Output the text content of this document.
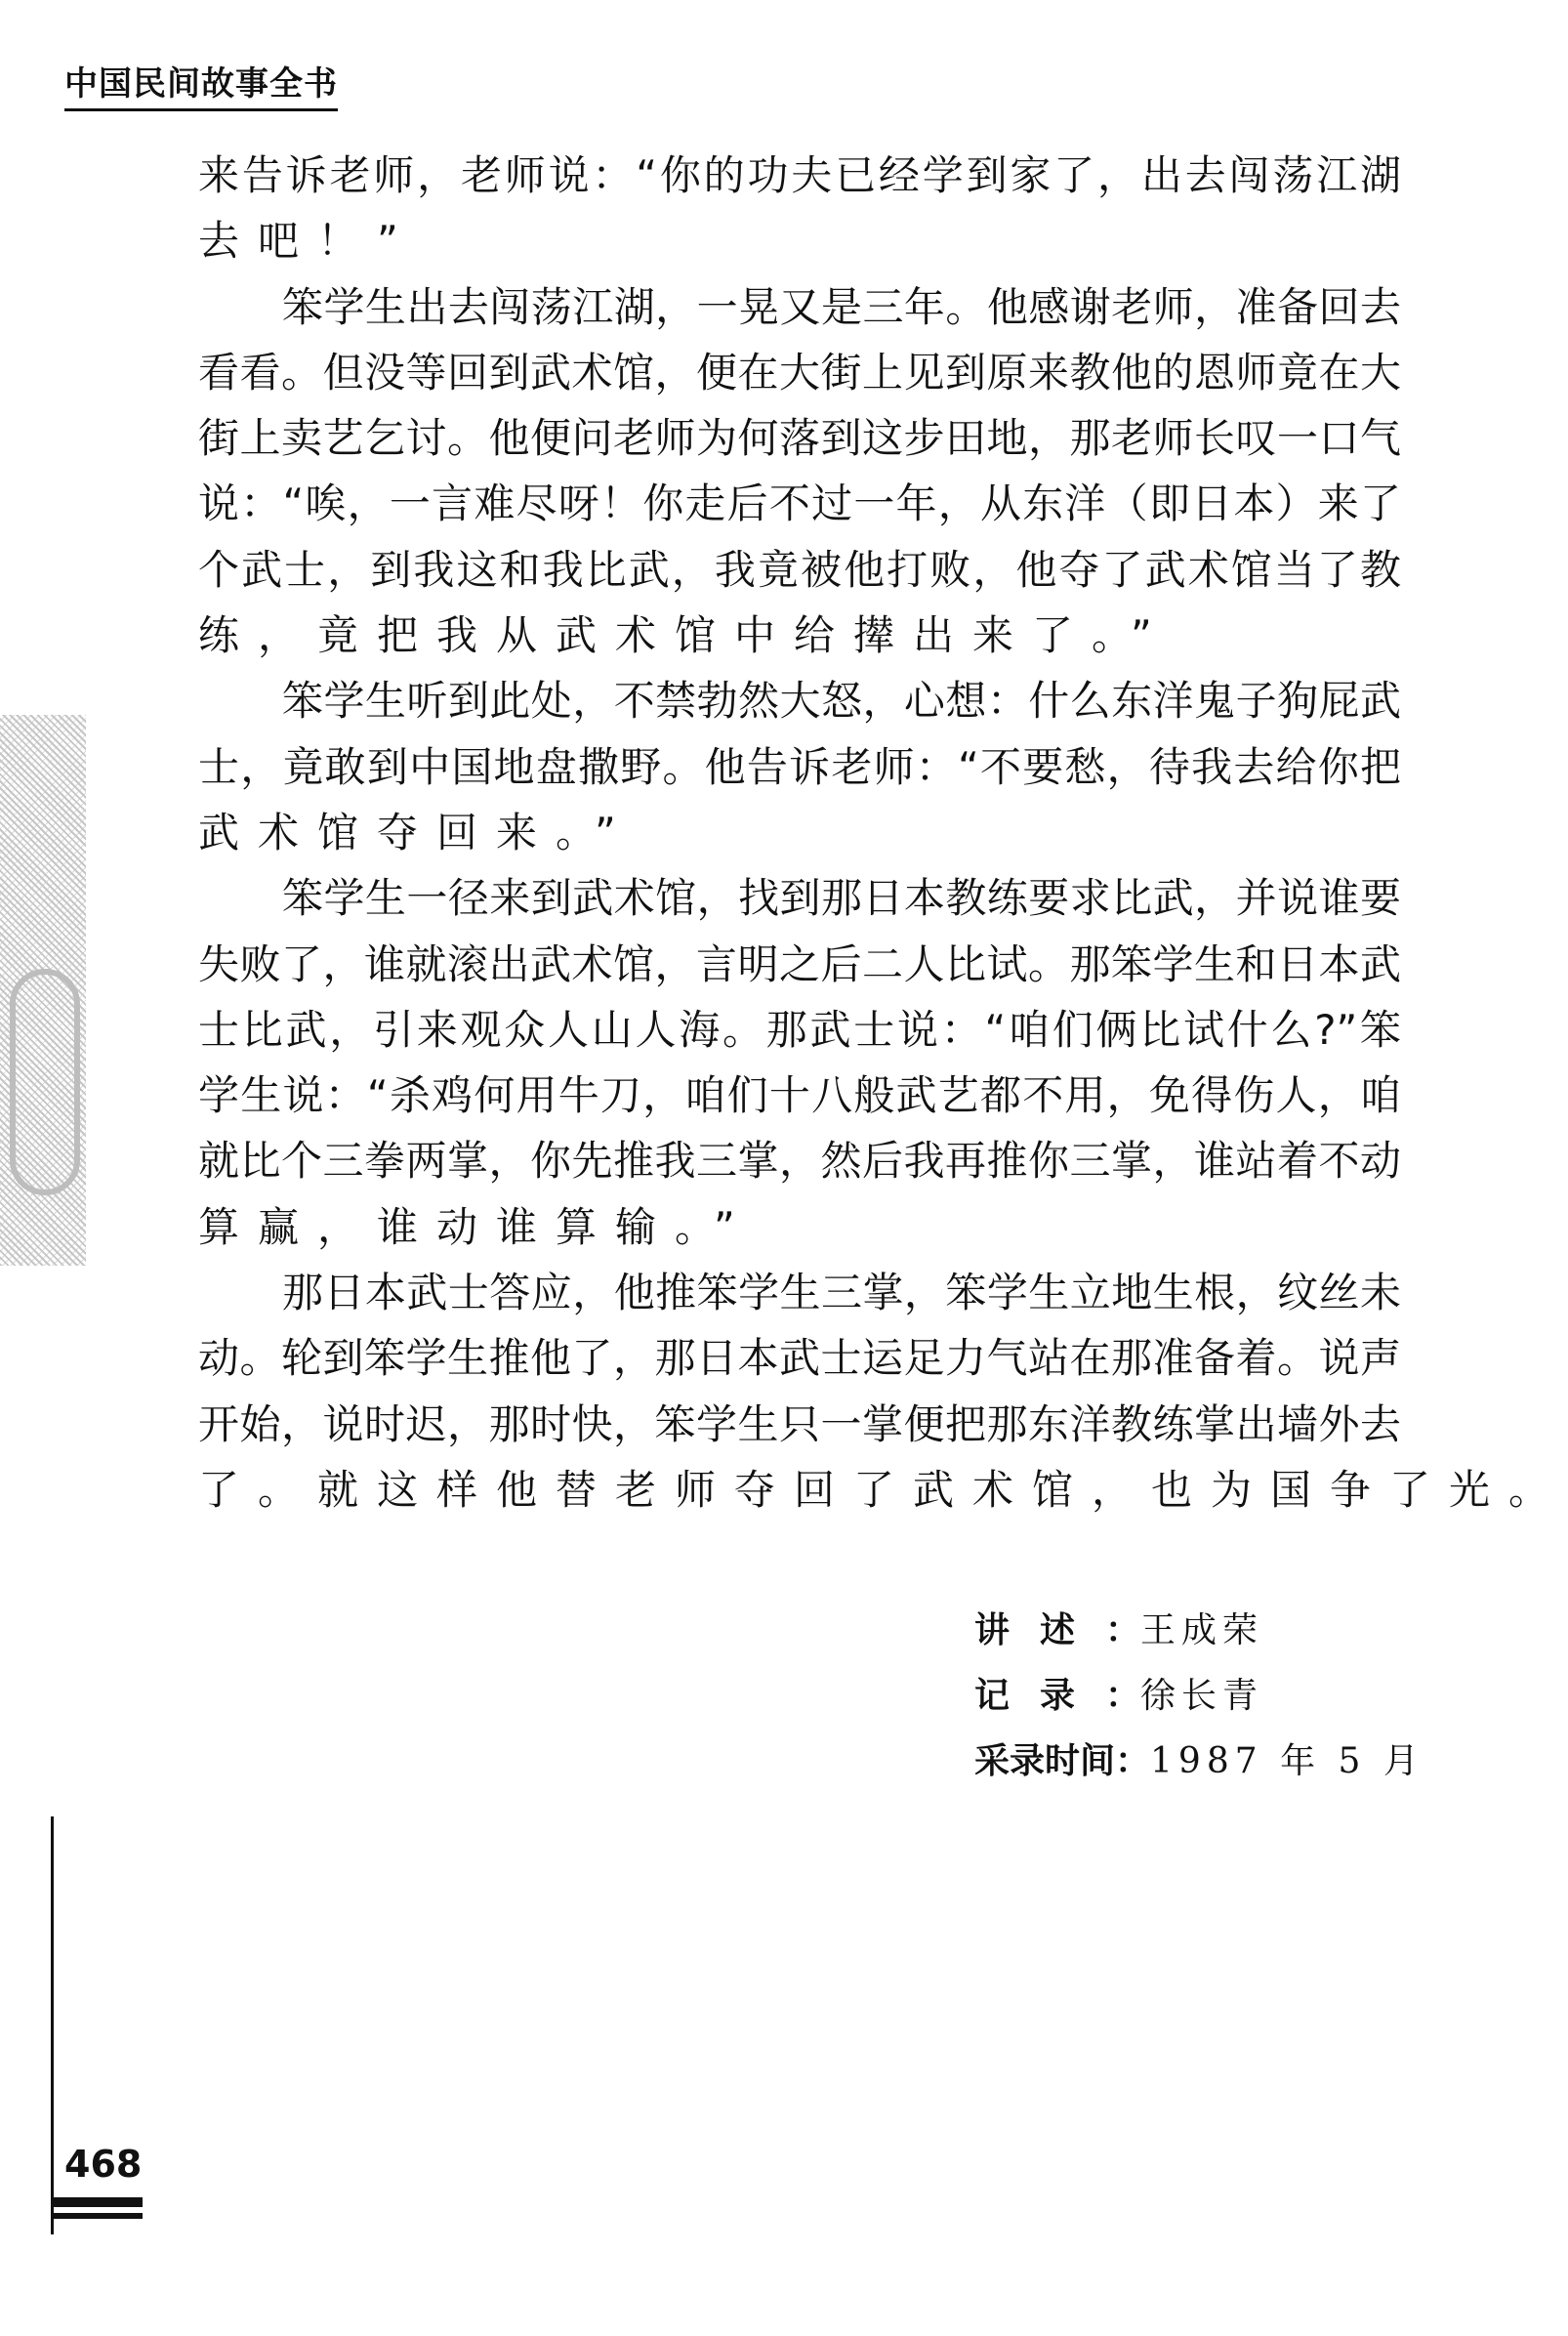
中国民间故事全书
来告诉老师，老师说：“你的功夫已经学到家了，出去闯荡江湖
去吧！”
笨学生出去闯荡江湖，一晃又是三年。他感谢老师，准备回去
看看。但没等回到武术馆，便在大街上见到原来教他的恩师竟在大
街上卖艺乞讨。他便问老师为何落到这步田地，那老师长叹一口气
说：“唉，一言难尽呀！你走后不过一年，从东洋（即日本）来了
个武士，到我这和我比武，我竟被他打败，他夺了武术馆当了教
练，竟把我从武术馆中给撵出来了。”
笨学生听到此处，不禁勃然大怒，心想：什么东洋鬼子狗屁武
士，竟敢到中国地盘撒野。他告诉老师：“不要愁，待我去给你把
武术馆夺回来。”
笨学生一径来到武术馆，找到那日本教练要求比武，并说谁要
失败了，谁就滚出武术馆，言明之后二人比试。那笨学生和日本武
士比武，引来观众人山人海。那武士说：“咱们俩比试什么?”笨
学生说：“杀鸡何用牛刀，咱们十八般武艺都不用，免得伤人，咱
就比个三拳两掌，你先推我三掌，然后我再推你三掌，谁站着不动
算赢，谁动谁算输。”
那日本武士答应，他推笨学生三掌，笨学生立地生根，纹丝未
动。轮到笨学生推他了，那日本武士运足力气站在那准备着。说声
开始，说时迟，那时快，笨学生只一掌便把那东洋教练掌出墙外去
了。就这样他替老师夺回了武术馆，也为国争了光。
讲述：王成荣
记录：徐长青
采录时间：1987 年 5 月
468
